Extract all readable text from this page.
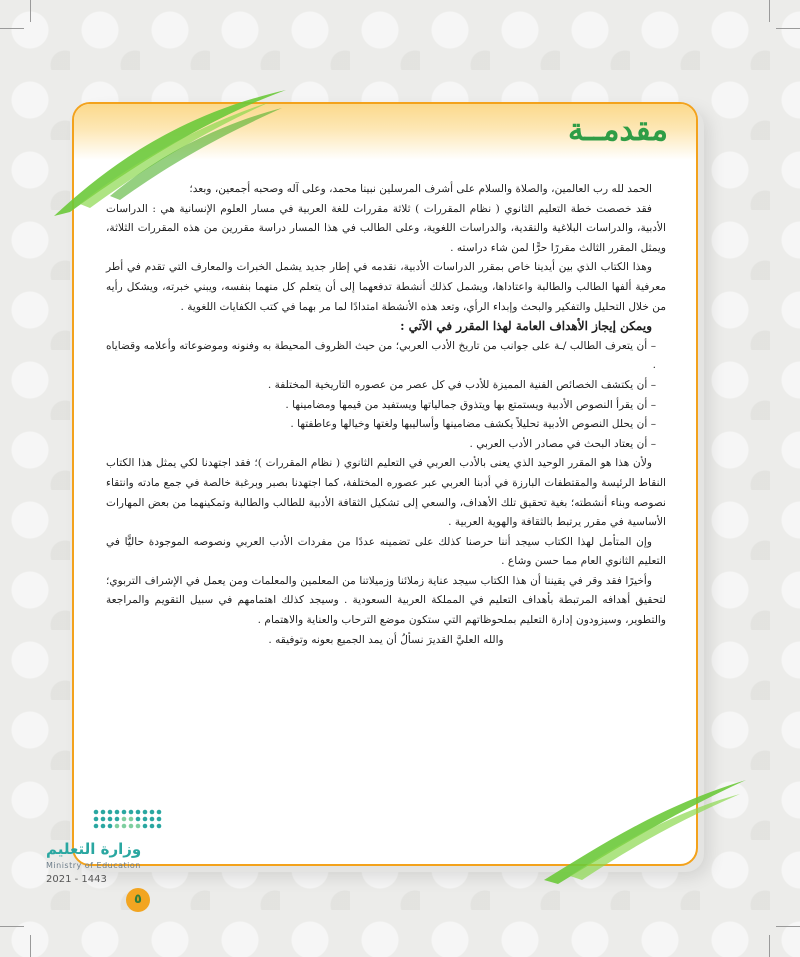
مقدمــة

الحمد لله رب العالمين، والصلاة والسلام على أشرف المرسلين نبينا محمد، وعلى آله وصحبه أجمعين، وبعد؛

فقد خصصت خطة التعليم الثانوي ( نظام المقررات ) ثلاثة مقررات للغة العربية في مسار العلوم الإنسانية هي : الدراسات الأدبية، والدراسات البلاغية والنقدية، والدراسات اللغوية، وعلى الطالب في هذا المسار دراسة مقررين من هذه المقررات الثلاثة، ويمثل المقرر الثالث مقررًا حرًّا لمن شاء دراسته .

وهذا الكتاب الذي بين أيدينا خاص بمقرر الدراسات الأدبية، نقدمه في إطار جديد يشمل الخبرات والمعارف التي تقدم في أطر معرفية ألفها الطالب والطالبة واعتاداها، ويشمل كذلك أنشطة تدفعهما إلى أن يتعلم كل منهما بنفسه، ويبني خبرته، ويشكل رأيه من خلال التحليل والتفكير والبحث وإبداء الرأي، وتعد هذه الأنشطة امتدادًا لما مر بهما في كتب الكفايات اللغوية .

ويمكن إيجاز الأهداف العامة لهذا المقرر في الآتي :

– أن يتعرف الطالب /ـة على جوانب من تاريخ الأدب العربي؛ من حيث الظروف المحيطة به وفنونه وموضوعاته وأعلامه وقضاياه .
– أن يكتشف الخصائص الفنية المميزة للأدب في كل عصر من عصوره التاريخية المختلفة .
– أن يقرأ النصوص الأدبية ويستمتع بها ويتذوق جمالياتها ويستفيد من قيمها ومضامينها .
– أن يحلل النصوص الأدبية تحليلاً يكشف مضامينها وأساليبها ولغتها وخيالها وعاطفتها .
– أن يعتاد البحث في مصادر الأدب العربي .

ولأن هذا هو المقرر الوحيد الذي يعنى بالأدب العربي في التعليم الثانوي ( نظام المقررات )؛ فقد اجتهدنا لكي يمثل هذا الكتاب النقاط الرئيسة والمقتطفات البارزة في أدبنا العربي عبر عصوره المختلفة، كما اجتهدنا بصبر وبرغبة خالصة في جمع مادته وانتقاء نصوصه وبناء أنشطته؛ بغية تحقيق تلك الأهداف، والسعي إلى تشكيل الثقافة الأدبية للطالب والطالبة وتمكينهما من بعض المهارات الأساسية في مقرر يرتبط بالثقافة والهوية العربية .

وإن المتأمل لهذا الكتاب سيجد أننا حرصنا كذلك على تضمينه عددًا من مفردات الأدب العربي ونصوصه الموجودة حاليًّا في التعليم الثانوي العام مما حسن وشاع .

وأخيرًا فقد وقر في يقيننا أن هذا الكتاب سيجد عناية زملائنا وزميلاتنا من المعلمين والمعلمات ومن يعمل في الإشراف التربوي؛ لتحقيق أهدافه المرتبطة بأهداف التعليم في المملكة العربية السعودية . وسيجد كذلك اهتمامهم في سبيل التقويم والمراجعة والتطوير، وسيزودون إدارة التعليم بملحوظاتهم التي ستكون موضع الترحاب والعناية والاهتمام .

والله العليَّ القديرَ نسألُ أن يمد الجميع بعونه وتوفيقه .

وزارة التعليم
Ministry of Education
2021 - 1443
٥
